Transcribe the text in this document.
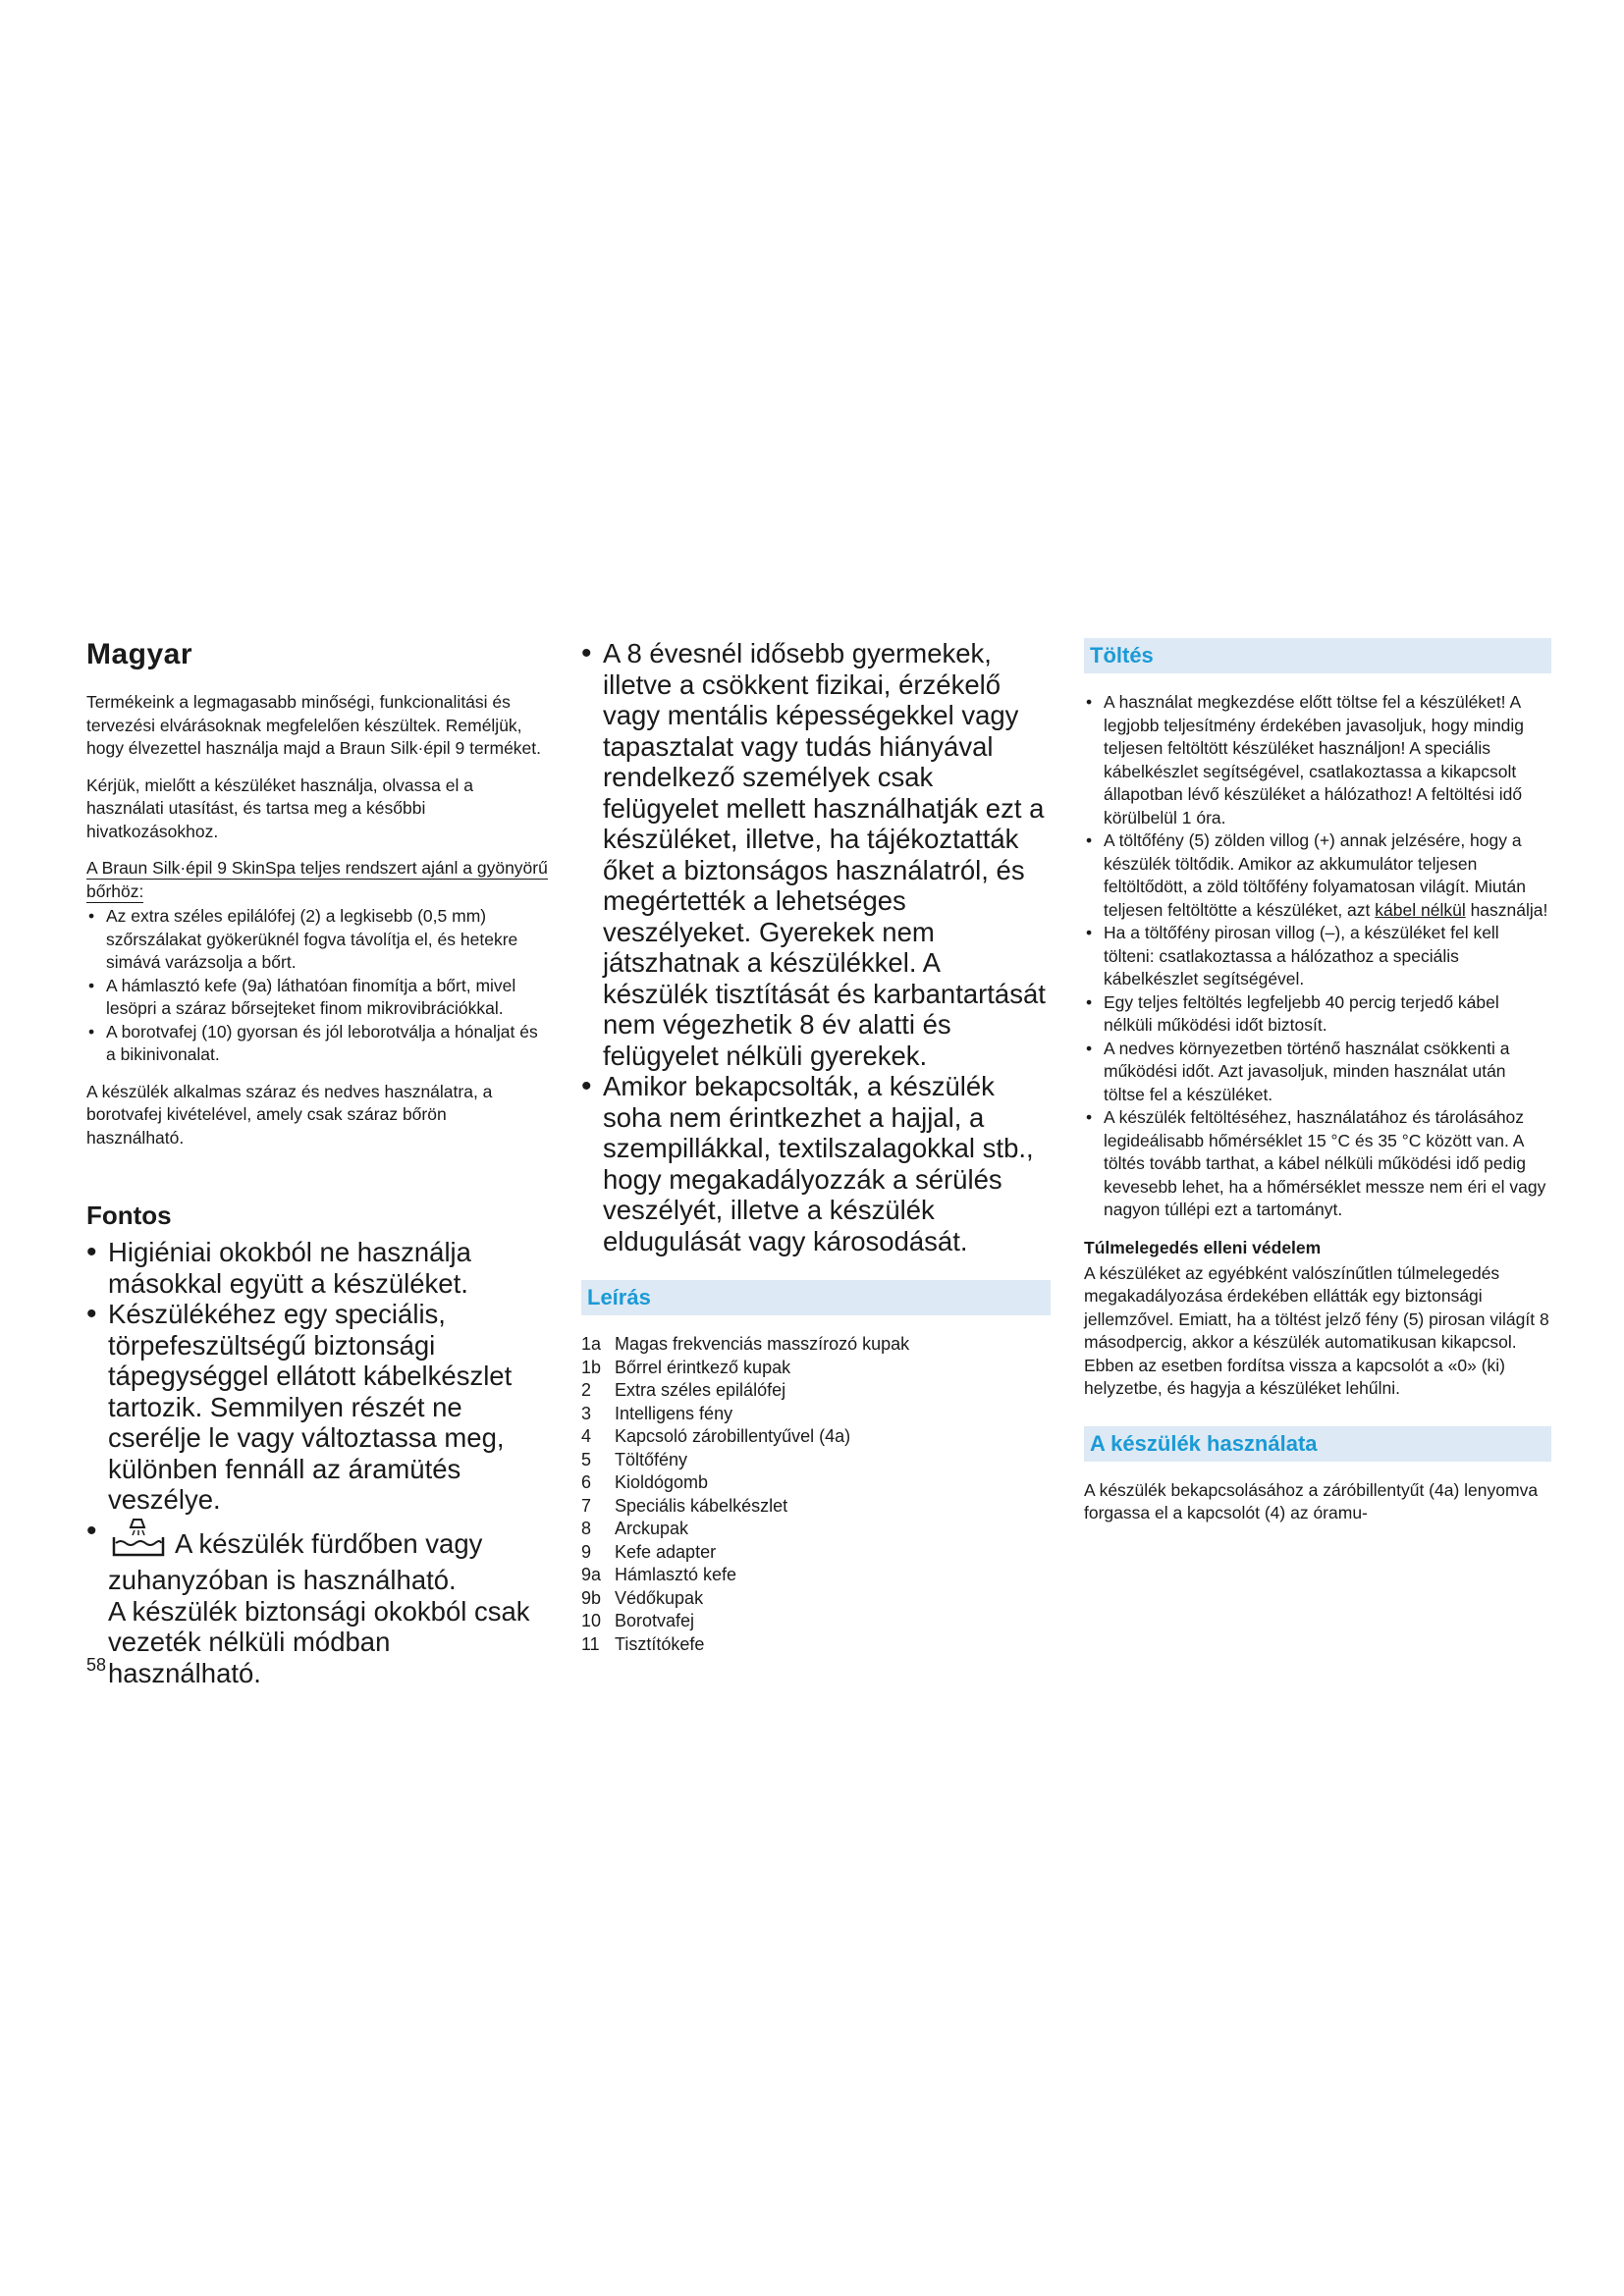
Magyar
Termékeink a legmagasabb minőségi, funkcionalitási és tervezési elvárásoknak megfelelően készültek. Reméljük, hogy élvezettel használja majd a Braun Silk·épil 9 terméket.
Kérjük, mielőtt a készüléket használja, olvassa el a használati utasítást, és tartsa meg a későbbi hivatkozásokhoz.
A Braun Silk·épil 9 SkinSpa teljes rendszert ajánl a gyönyörű bőrhöz:
• Az extra széles epilálófej (2) a legkisebb (0,5 mm) szőrszálakat gyökerüknél fogva távolítja el, és hetekre simává varázsolja a bőrt.
• A hámlasztó kefe (9a) láthatóan finomítja a bőrt, mivel lesöpri a száraz bőrsejteket finom mikrovibrációkkal.
• A borotvafej (10) gyorsan és jól leborotválja a hónaljat és a bikinivonalat.
A készülék alkalmas száraz és nedves használatra, a borotvafej kivételével, amely csak száraz bőrön használható.
Fontos
• Higiéniai okokból ne használja másokkal együtt a készüléket.
• Készülékéhez egy speciális, törpefeszültségű biztonsági tápegységgel ellátott kábelkészlet tartozik. Semmilyen részét ne cserélje le vagy változtassa meg, különben fennáll az áramütés veszélye.
• A készülék fürdőben vagy zuhanyzóban is használható.
A készülék biztonsági okokból csak vezeték nélküli módban használható.
58
• A 8 évesnél idősebb gyermekek, illetve a csökkent fizikai, érzékelő vagy mentális képességekkel vagy tapasztalat vagy tudás hiányával rendelkező személyek csak felügyelet mellett használhatják ezt a készüléket, illetve, ha tájékoztatták őket a biztonságos használatról, és megértették a lehetséges veszélyeket. Gyerekek nem játszhatnak a készülékkel. A készülék tisztítását és karbantartását nem végezhetik 8 év alatti és felügyelet nélküli gyerekek.
• Amikor bekapcsolták, a készülék soha nem érintkezhet a hajjal, a szempillákkal, textilszalagokkal stb., hogy megakadályozzák a sérülés veszélyét, illetve a készülék eldugulását vagy károsodását.
Leírás
1a Magas frekvenciás masszírozó kupak
1b Bőrrel érintkező kupak
2	Extra széles epilálófej
3	Intelligens fény
4	Kapcsoló zárobillentyűvel (4a)
5	Töltőfény
6	Kioldógomb
7	Speciális kábelkészlet
8	Arckupak
9	Kefe adapter
9a Hámlasztó kefe
9b Védőkupak
10 Borotvafej
11 Tisztítókefe
Töltés
• A használat megkezdése előtt töltse fel a készüléket! A legjobb teljesítmény érdekében javasoljuk, hogy mindig teljesen feltöltött készüléket használjon! A speciális kábelkészlet segítségével, csatlakoztassa a kikapcsolt állapotban lévő készüléket a hálózathoz! A feltöltési idő körülbelül 1 óra.
• A töltőfény (5) zölden villog (+) annak jelzésére, hogy a készülék töltődik. Amikor az akkumulátor teljesen feltöltődött, a zöld töltőfény folyamatosan világít. Miután teljesen feltöltötte a készüléket, azt kábel nélkül használja!
• Ha a töltőfény pirosan villog (–), a készüléket fel kell tölteni: csatlakoztassa a hálózathoz a speciális kábelkészlet segítségével.
• Egy teljes feltöltés legfeljebb 40 percig terjedő kábel nélküli működési időt biztosít.
• A nedves környezetben történő használat csökkenti a működési időt. Azt javasoljuk, minden használat után töltse fel a készüléket.
• A készülék feltöltéséhez, használatához és tárolásához legideálisabb hőmérséklet 15 °C és 35 °C között van. A töltés tovább tarthat, a kábel nélküli működési idő pedig kevesebb lehet, ha a hőmérséklet messze nem éri el vagy nagyon túllépi ezt a tartományt.
Túlmelegedés elleni védelem
A készüléket az egyébként valószínűtlen túlmelegedés megakadályozása érdekében ellátták egy biztonsági jellemzővel. Emiatt, ha a töltést jelző fény (5) pirosan világít 8 másodpercig, akkor a készülék automatikusan kikapcsol. Ebben az esetben fordítsa vissza a kapcsolót a «0» (ki) helyzetbe, és hagyja a készüléket lehűlni.
A készülék használata
A készülék bekapcsolásához a záróbillentyűt (4a) lenyomva forgassa el a kapcsolót (4) az óramu-
